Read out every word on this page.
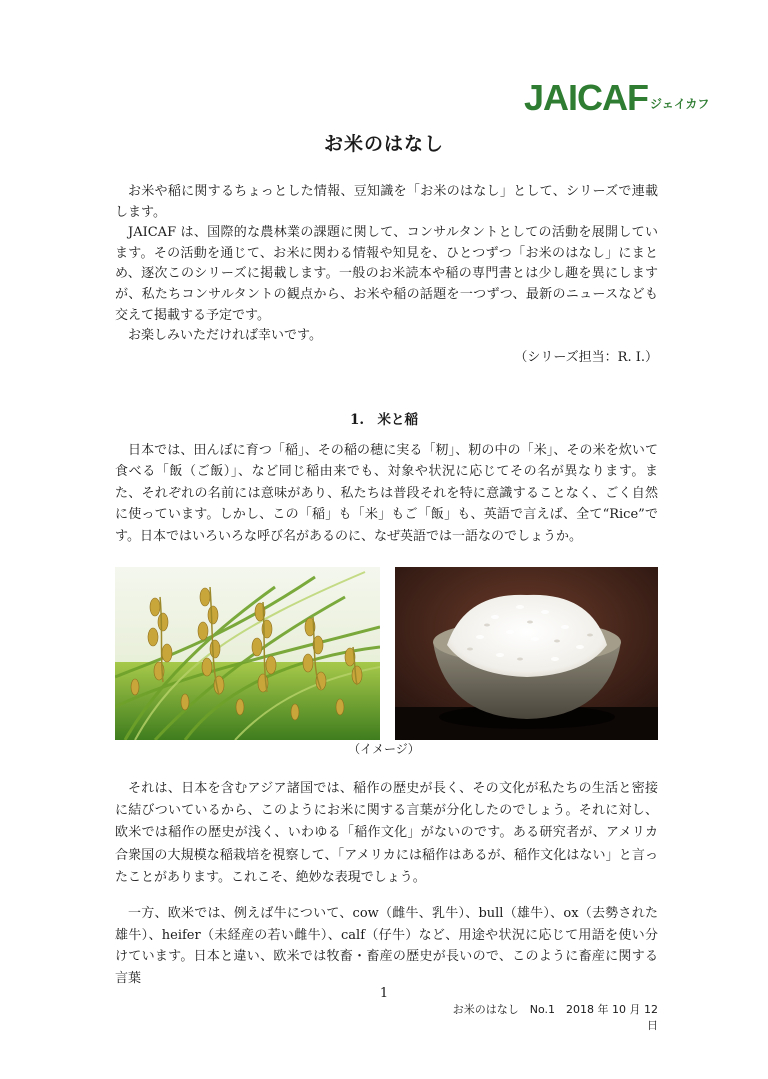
JAICAF ジェイカフ
お米のはなし

お米や稲に関するちょっとした情報、豆知識を「お米のはなし」として、シリーズで連載します。

JAICAF は、国際的な農林業の課題に関して、コンサルタントとしての活動を展開しています。その活動を通じて、お米に関わる情報や知見を、ひとつずつ「お米のはなし」にまとめ、逐次このシリーズに掲載します。一般のお米読本や稲の専門書とは少し趣を異にしますが、私たちコンサルタントの観点から、お米や稲の話題を一つずつ、最新のニュースなども交えて掲載する予定です。

お楽しみいただければ幸いです。

（シリーズ担当：R. I.）
1.　米と稲

日本では、田んぼに育つ「稲」、その稲の穂に実る「籾」、籾の中の「米」、その米を炊いて食べる「飯（ご飯）」、など同じ稲由来でも、対象や状況に応じてその名が異なります。また、それぞれの名前には意味があり、私たちは普段それを特に意識することなく、ごく自然に使っています。しかし、この「稲」も「米」もご「飯」も、英語で言えば、全て“Rice”です。日本ではいろいろな呼び名があるのに、なぜ英語では一語なのでしょうか。

（イメージ）

それは、日本を含むアジア諸国では、稲作の歴史が長く、その文化が私たちの生活と密接に結びついているから、このようにお米に関する言葉が分化したのでしょう。それに対し、欧米では稲作の歴史が浅く、いわゆる「稲作文化」がないのです。ある研究者が、アメリカ合衆国の大規模な稲栽培を視察して、「アメリカには稲作はあるが、稲作文化はない」と言ったことがあります。これこそ、絶妙な表現でしょう。

一方、欧米では、例えば牛について、cow（雌牛、乳牛）、bull（雄牛）、ox（去勢された雄牛）、heifer（未経産の若い雌牛）、calf（仔牛）など、用途や状況に応じて用語を使い分けています。日本と違い、欧米では牧畜・畜産の歴史が長いので、このように畜産に関する言葉

1
お米のはなし　No.1　2018 年 10 月 12 日
